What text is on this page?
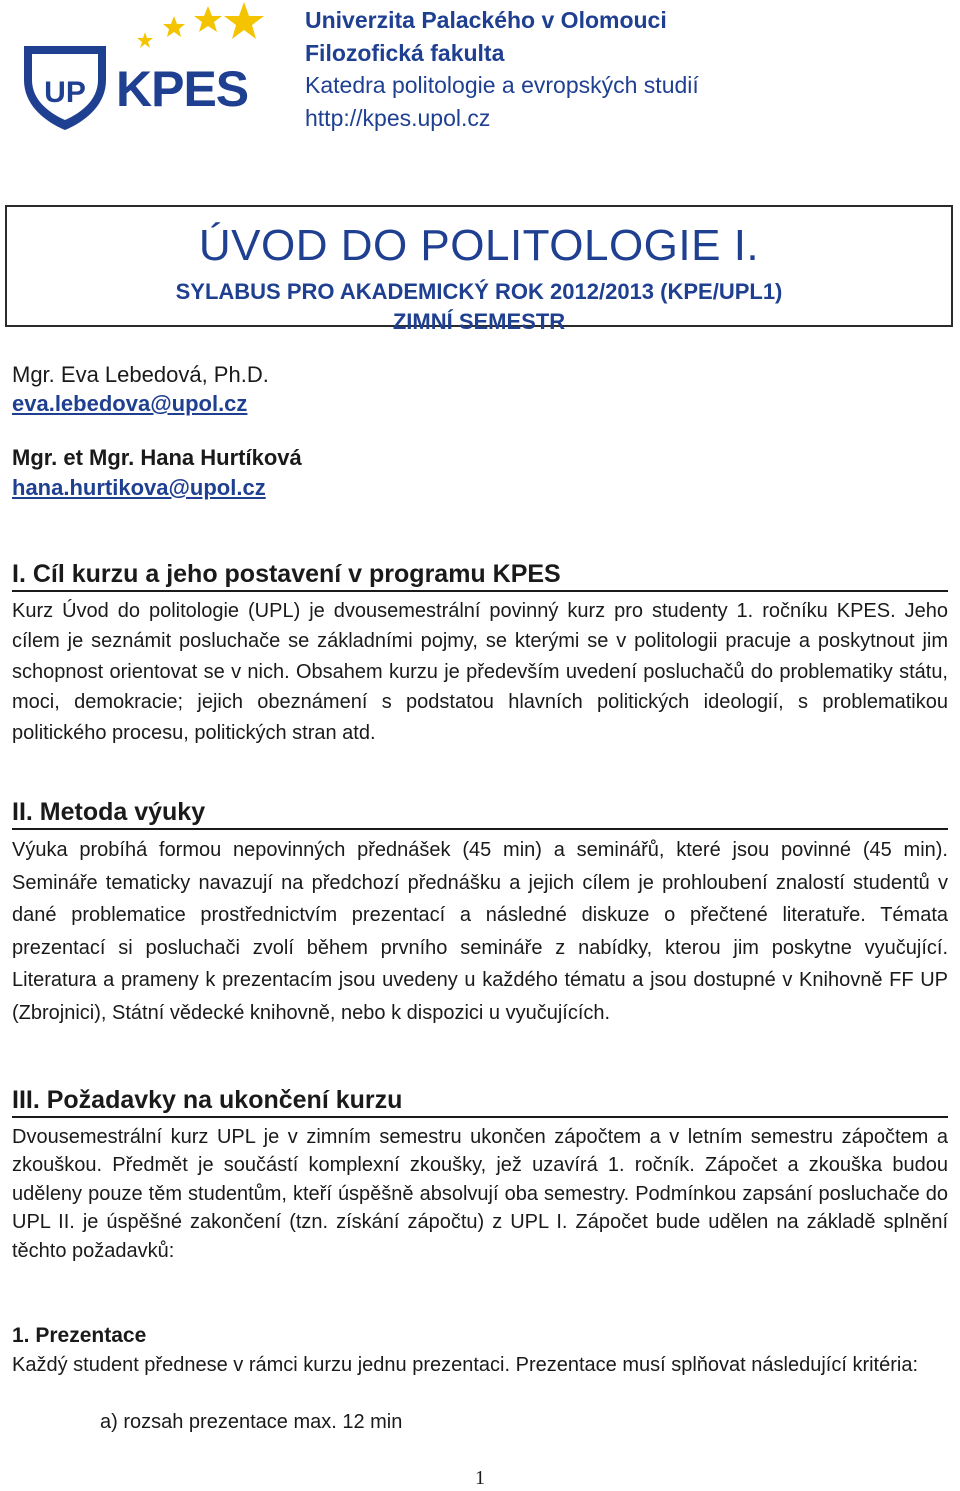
UP KPES
Univerzita Palackého v Olomouci
Filozofická fakulta
Katedra politologie a evropských studií
http://kpes.upol.cz
ÚVOD DO POLITOLOGIE I.
SYLABUS PRO AKADEMICKÝ ROK 2012/2013 (KPE/UPL1)
ZIMNÍ SEMESTR
Mgr. Eva Lebedová, Ph.D.
eva.lebedova@upol.cz
Mgr. et Mgr. Hana Hurtíková
hana.hurtikova@upol.cz
I. Cíl kurzu a jeho postavení v programu KPES

Kurz Úvod do politologie (UPL) je dvousemestrální povinný kurz pro studenty 1. ročníku KPES. Jeho cílem je seznámit posluchače se základními pojmy, se kterými se v politologii pracuje a poskytnout jim schopnost orientovat se v nich. Obsahem kurzu je především uvedení posluchačů do problematiky státu, moci, demokracie; jejich obeznámení s podstatou hlavních politických ideologií, s problematikou politického procesu, politických stran atd.

II. Metoda výuky

Výuka probíhá formou nepovinných přednášek (45 min) a seminářů, které jsou povinné (45 min). Semináře tematicky navazují na předchozí přednášku a jejich cílem je prohloubení znalostí studentů v dané problematice prostřednictvím prezentací a následné diskuze o přečtené literatuře. Témata prezentací si posluchači zvolí během prvního semináře z nabídky, kterou jim poskytne vyučující. Literatura a prameny k prezentacím jsou uvedeny u každého tématu a jsou dostupné v Knihovně FF UP (Zbrojnici), Státní vědecké knihovně, nebo k dispozici u vyučujících.

III. Požadavky na ukončení kurzu

Dvousemestrální kurz UPL je v zimním semestru ukončen zápočtem a v letním semestru zápočtem a zkouškou. Předmět je součástí komplexní zkoušky, jež uzavírá 1. ročník. Zápočet a zkouška budou uděleny pouze těm studentům, kteří úspěšně absolvují oba semestry. Podmínkou zapsání posluchače do UPL II. je úspěšné zakončení (tzn. získání zápočtu) z UPL I. Zápočet bude udělen na základě splnění těchto požadavků:

1. Prezentace

Každý student přednese v rámci kurzu jednu prezentaci. Prezentace musí splňovat následující kritéria:

a) rozsah prezentace max. 12 min
1
